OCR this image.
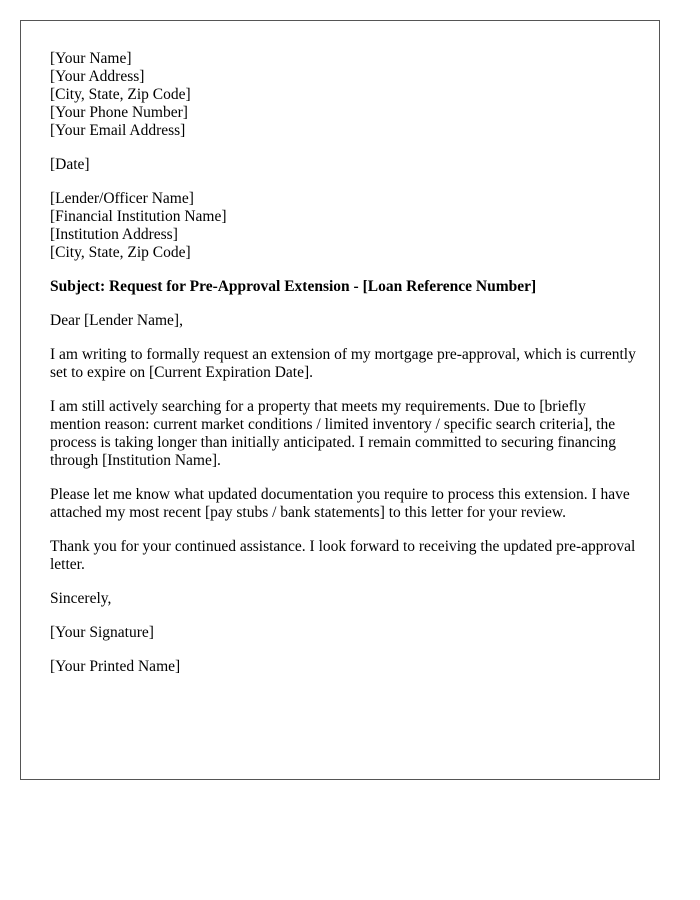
[Your Name]
[Your Address]
[City, State, Zip Code]
[Your Phone Number]
[Your Email Address]
[Date]
[Lender/Officer Name]
[Financial Institution Name]
[Institution Address]
[City, State, Zip Code]
Subject: Request for Pre-Approval Extension - [Loan Reference Number]
Dear [Lender Name],
I am writing to formally request an extension of my mortgage pre-approval, which is currently set to expire on [Current Expiration Date].
I am still actively searching for a property that meets my requirements. Due to [briefly mention reason: current market conditions / limited inventory / specific search criteria], the process is taking longer than initially anticipated. I remain committed to securing financing through [Institution Name].
Please let me know what updated documentation you require to process this extension. I have attached my most recent [pay stubs / bank statements] to this letter for your review.
Thank you for your continued assistance. I look forward to receiving the updated pre-approval letter.
Sincerely,
[Your Signature]
[Your Printed Name]
